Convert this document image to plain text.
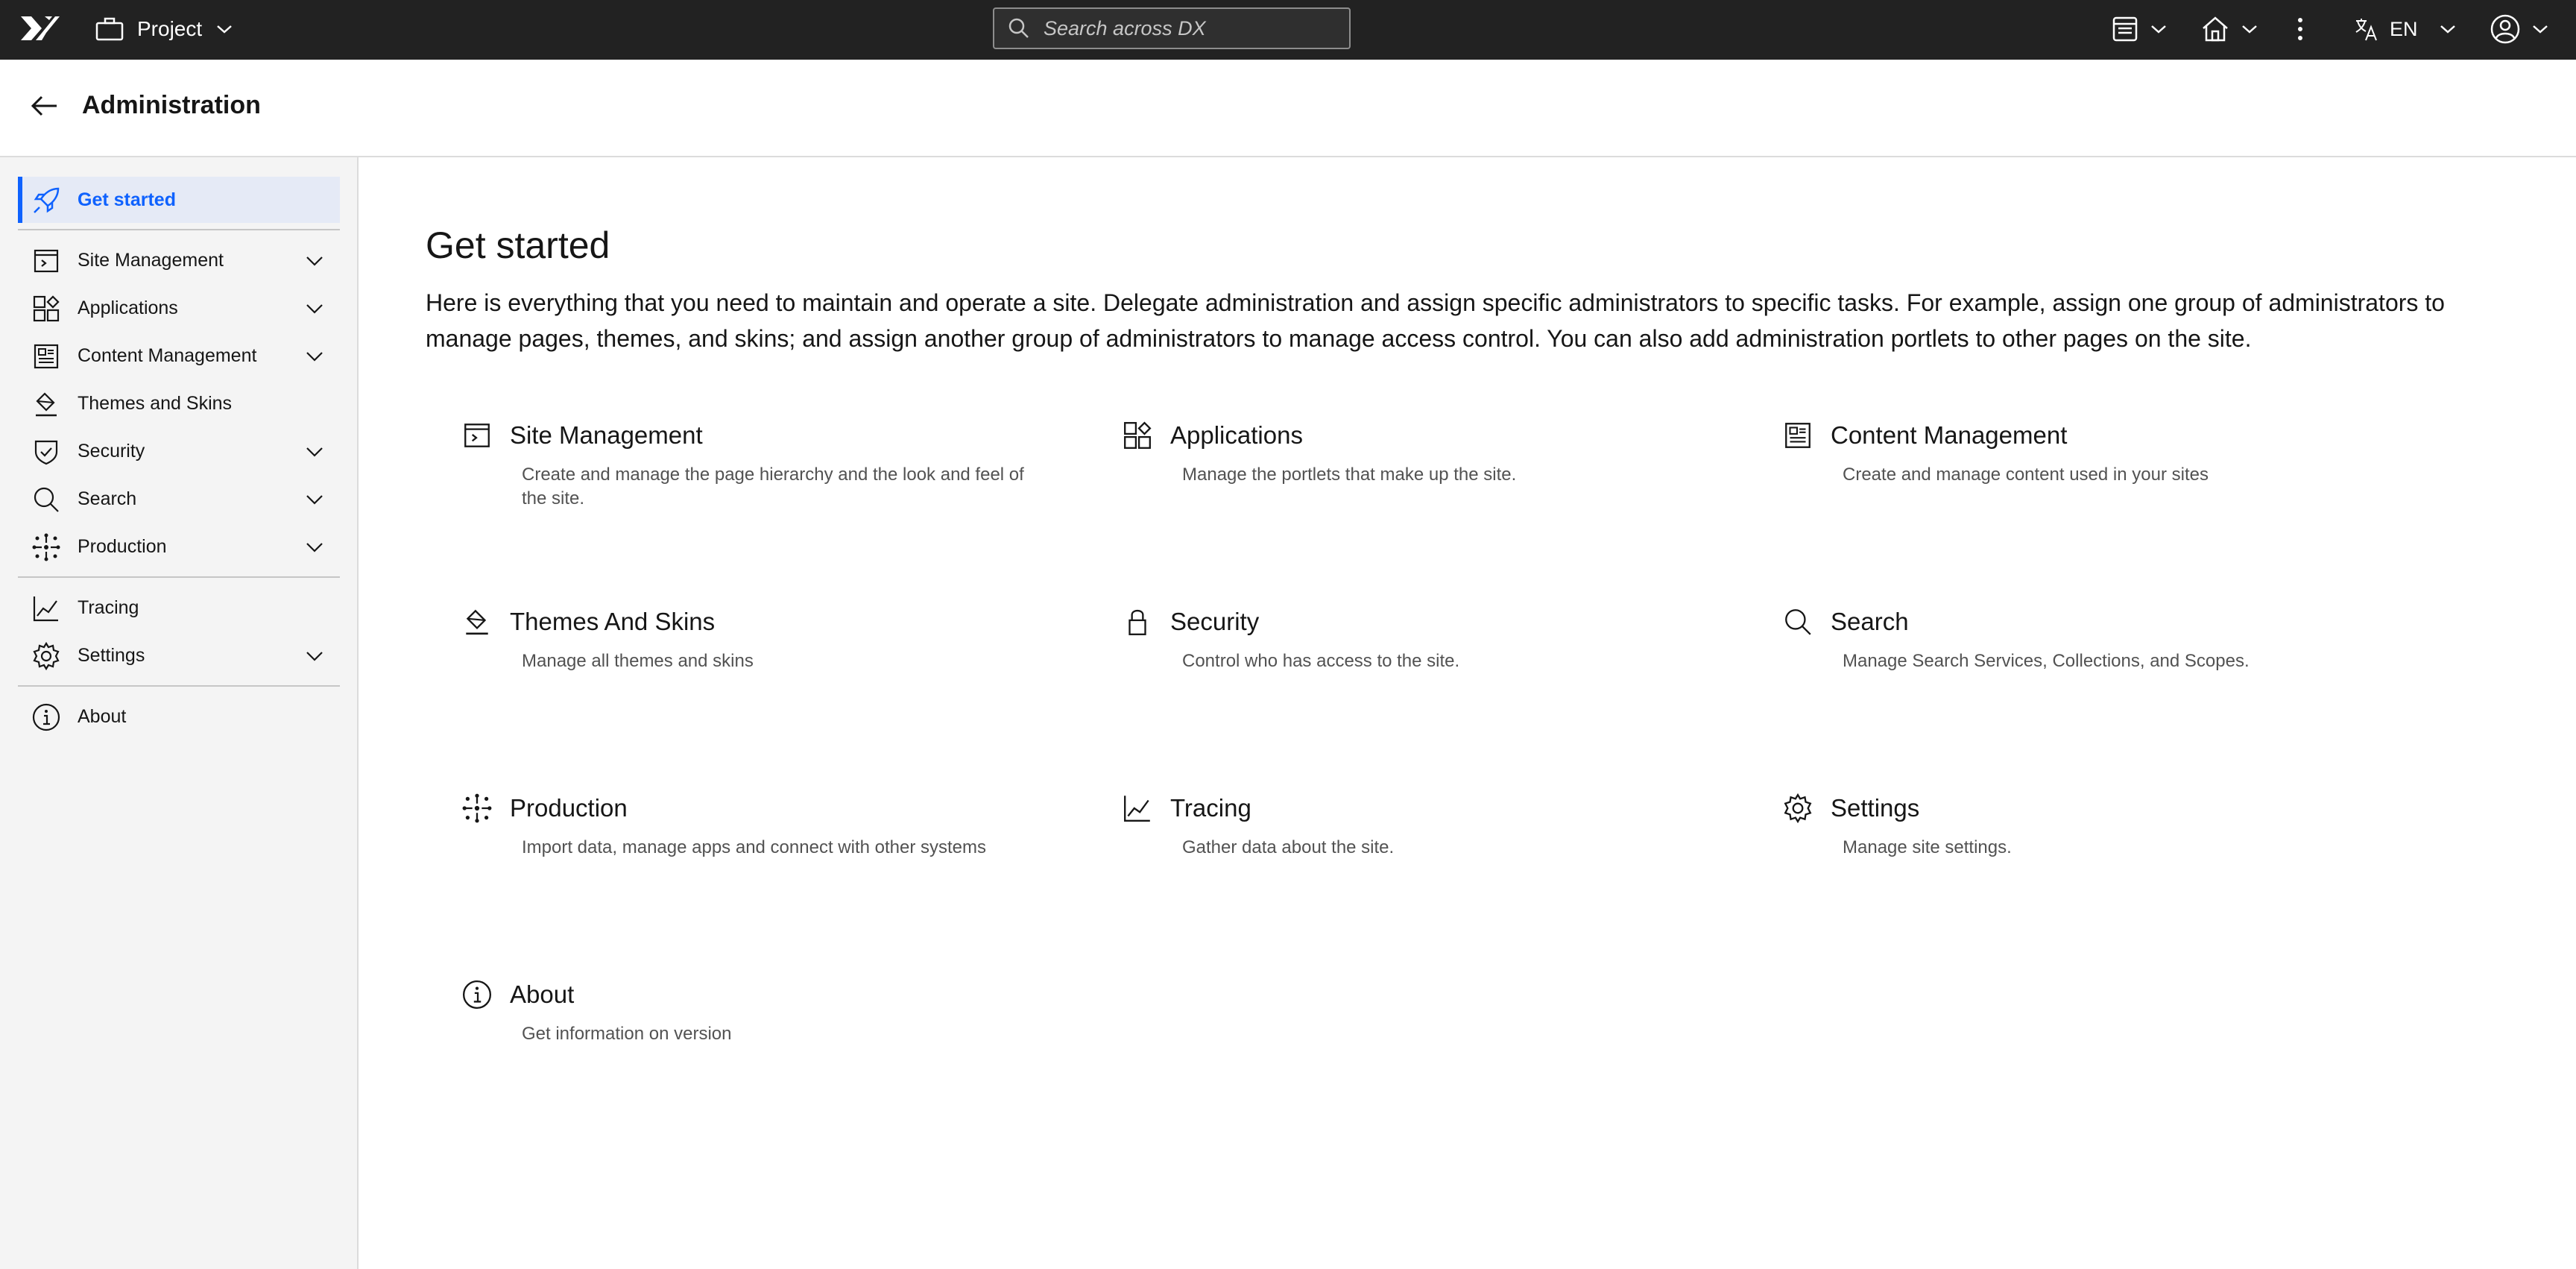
Project
Search across DX	EN
Administration
Get started
Site Management
Applications
Content Management
Themes and Skins
Security
Search
Production
Tracing
Settings
About
Get started
Here is everything that you need to maintain and operate a site. Delegate administration and assign specific administrators to specific tasks. For example, assign one group of administrators to manage pages, themes, and skins; and assign another group of administrators to manage access control. You can also add administration portlets to other pages on the site.
Site Management
Create and manage the page hierarchy and the look and feel of the site.
Applications
Manage the portlets that make up the site.
Content Management
Create and manage content used in your sites
Themes And Skins
Manage all themes and skins
Security
Control who has access to the site.
Search
Manage Search Services, Collections, and Scopes.
Production
Import data, manage apps and connect with other systems
Tracing
Gather data about the site.
Settings
Manage site settings.
About
Get information on version
